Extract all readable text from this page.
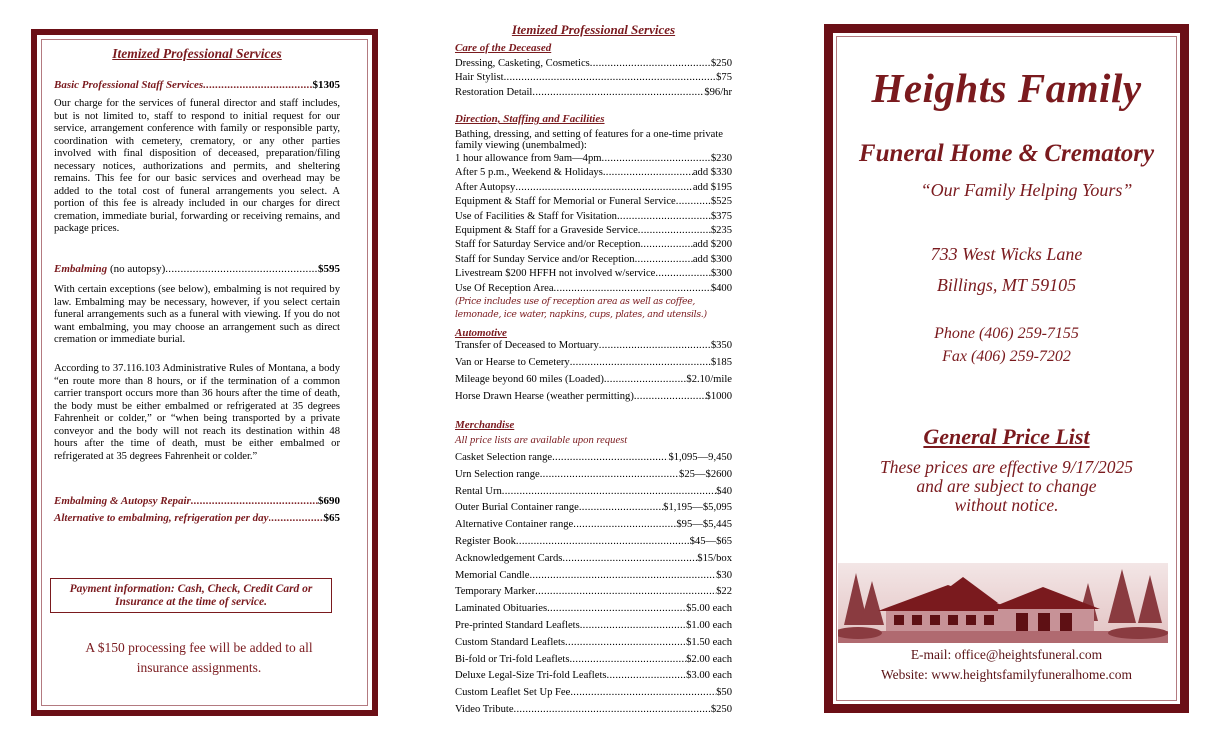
Itemized Professional Services
Basic Professional Staff Services .....	$1305
Our charge for the services of funeral director and staff includes, but is not limited to, staff to respond to initial request for our service, arrangement conference with family or responsible party, coordination with cemetery, crematory, or any other parties involved with final disposition of deceased, preparation/filing necessary notices, authorizations and permits, and sheltering remains. This fee for our basic services and overhead may be added to the total cost of funeral arrangements you select. A portion of this fee is already included in our charges for direct cremation, immediate burial, forwarding or receiving remains, and package prices.
Embalming (no autopsy) .....	$595
With certain exceptions (see below), embalming is not required by law. Embalming may be necessary, however, if you select certain funeral arrangements such as a funeral with viewing. If you do not want embalming, you may choose an arrangement such as direct cremation or immediate burial.
According to 37.116.103 Administrative Rules of Montana, a body “en route more than 8 hours, or if the termination of a common carrier transport occurs more than 36 hours after the time of death, the body must be either embalmed or refrigerated at 35 degrees Fahrenheit or colder,” or “when being transported by a private conveyor and the body will not reach its destination within 48 hours after the time of death, must be either embalmed or refrigerated at 35 degrees Fahrenheit or colder.”
Embalming & Autopsy Repair .....	$690
Alternative to embalming, refrigeration per day .....	$65
Payment information: Cash, Check, Credit Card or Insurance at the time of service.
A $150 processing fee will be added to all insurance assignments.
Itemized Professional Services
Care of the Deceased
Dressing, Casketing, Cosmetics .....	$250
Hair Stylist .....	$75
Restoration Detail .....	$96/hr
Direction, Staffing and Facilities
Bathing, dressing, and setting of features for a one-time private family viewing (unembalmed):
1 hour allowance from 9am—4pm .....	$230
After 5 p.m., Weekend & Holidays .....	add $330
After Autopsy .....	add $195
Equipment & Staff for Memorial or Funeral Service .....	$525
Use of Facilities & Staff for Visitation .....	$375
Equipment & Staff for a Graveside Service .....	$235
Staff for Saturday Service and/or Reception .....	add $200
Staff for Sunday Service and/or Reception .....	add $300
Livestream $200 HFFH not involved w/service .....	$300
Use Of Reception Area .....	$400
(Price includes use of reception area as well as coffee, lemonade, ice water, napkins, cups, plates, and utensils.)
Automotive
Transfer of Deceased to Mortuary .....	$350
Van or Hearse to Cemetery .....	$185
Mileage beyond 60 miles (Loaded) .....	$2.10/mile
Horse Drawn Hearse (weather permitting) .....	$1000
Merchandise
All price lists are available upon request
Casket Selection range .....	$1,095—9,450
Urn Selection range .....	$25—$2600
Rental Urn .....	$40
Outer Burial Container range .....	$1,195—$5,095
Alternative Container range .....	$95—$5,445
Register Book .....	$45—$65
Acknowledgement Cards .....	$15/box
Memorial Candle .....	$30
Temporary Marker .....	$22
Laminated Obituaries .....	$5.00 each
Pre-printed Standard Leaflets .....	$1.00 each
Custom Standard Leaflets .....	$1.50 each
Bi-fold or Tri-fold Leaflets .....	$2.00 each
Deluxe Legal-Size Tri-fold Leaflets .....	$3.00 each
Custom Leaflet Set Up Fee .....	$50
Video Tribute .....	$250
Heights Family
Funeral Home & Crematory
“Our Family Helping Yours”
733 West Wicks Lane
Billings, MT 59105
Phone (406) 259-7155
Fax (406) 259-7202
General Price List
These prices are effective 9/17/2025
and are subject to change
without notice.
E-mail: office@heightsfuneral.com
Website: www.heightsfamilyfuneralhome.com
